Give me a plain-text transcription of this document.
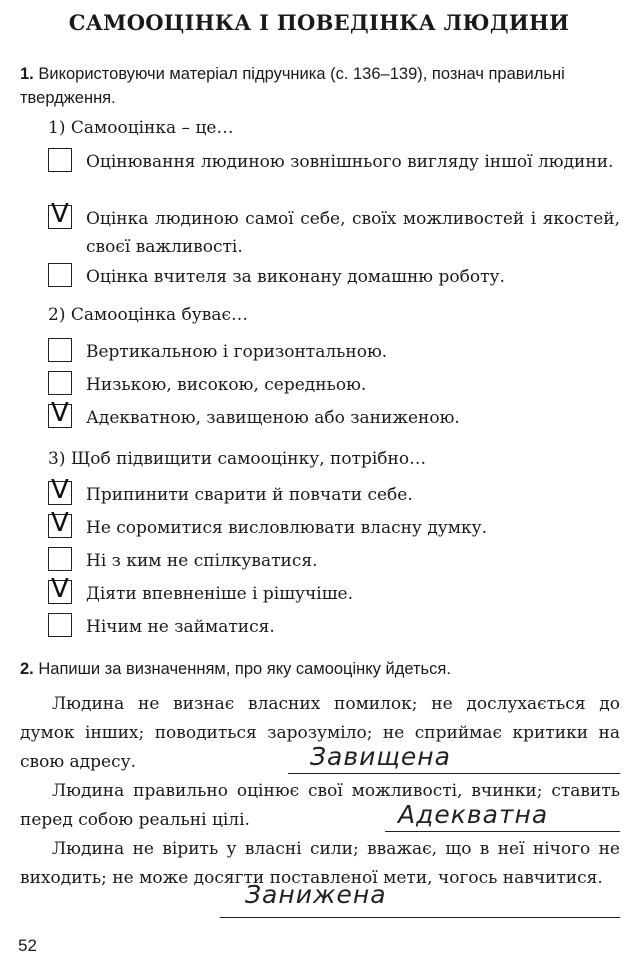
САМООЦІНКА І ПОВЕДІНКА ЛЮДИНИ
1. Використовуючи матеріал підручника (с. 136–139), познач правильні твердження.
1) Самооцінка – це…
Оцінювання людиною зовнішнього вигляду іншої людини.
V Оцінка людиною самої себе, своїх можливостей і якостей, своєї важливості.
Оцінка вчителя за виконану домашню роботу.
2) Самооцінка буває…
Вертикальною і горизонтальною.
Низькою, високою, середньою.
V Адекватною, завищеною або заниженою.
3) Щоб підвищити самооцінку, потрібно…
V Припинити сварити й повчати себе.
V Не соромитися висловлювати власну думку.
Ні з ким не спілкуватися.
V Діяти впевненіше і рішучіше.
Нічим не займатися.
2. Напиши за визначенням, про яку самооцінку йдеться.
Людина не визнає власних помилок; не дослухається до думок інших; поводиться зарозуміло; не сприймає критики на свою адресу.	Завищена
Людина правильно оцінює свої можливості, вчинки; ставить перед собою реальні цілі.	Адекватна
Людина не вірить у власні сили; вважає, що в неї нічого не виходить; не може досягти поставленої мети, чогось навчитися.
Занижена
52
